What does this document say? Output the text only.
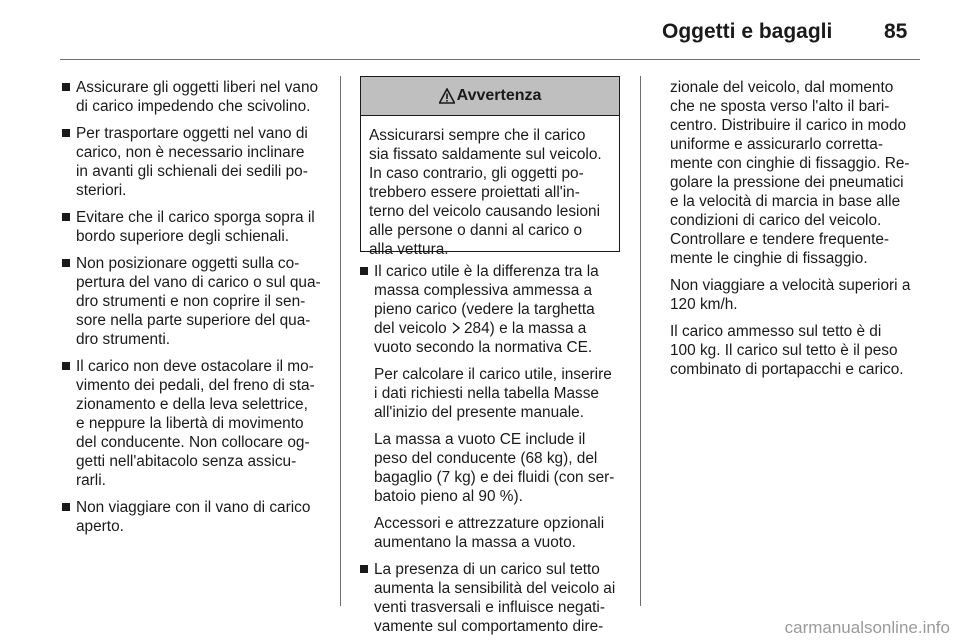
Oggetti e bagagli 85
Assicurare gli oggetti liberi nel vano
di carico impedendo che scivolino.
Per trasportare oggetti nel vano di
carico, non è necessario inclinare
in avanti gli schienali dei sedili po-
steriori.
Evitare che il carico sporga sopra il
bordo superiore degli schienali.
Non posizionare oggetti sulla co-
pertura del vano di carico o sul qua-
dro strumenti e non coprire il sen-
sore nella parte superiore del qua-
dro strumenti.
Il carico non deve ostacolare il mo-
vimento dei pedali, del freno di sta-
zionamento e della leva selettrice,
e neppure la libertà di movimento
del conducente. Non collocare og-
getti nell'abitacolo senza assicu-
rarli.
Non viaggiare con il vano di carico
aperto.
Avvertenza
Assicurarsi sempre che il carico
sia fissato saldamente sul veicolo.
In caso contrario, gli oggetti po-
trebbero essere proiettati all'in-
terno del veicolo causando lesioni
alle persone o danni al carico o
alla vettura.
Il carico utile è la differenza tra la
massa complessiva ammessa a
pieno carico (vedere la targhetta
del veicolo 284) e la massa a
vuoto secondo la normativa CE.
Per calcolare il carico utile, inserire
i dati richiesti nella tabella Masse
all'inizio del presente manuale.
La massa a vuoto CE include il
peso del conducente (68 kg), del
bagaglio (7 kg) e dei fluidi (con ser-
batoio pieno al 90 %).
Accessori e attrezzature opzionali
aumentano la massa a vuoto.
La presenza di un carico sul tetto
aumenta la sensibilità del veicolo ai
venti trasversali e influisce negati-
vamente sul comportamento dire-
zionale del veicolo, dal momento
che ne sposta verso l'alto il bari-
centro. Distribuire il carico in modo
uniforme e assicurarlo corretta-
mente con cinghie di fissaggio. Re-
golare la pressione dei pneumatici
e la velocità di marcia in base alle
condizioni di carico del veicolo.
Controllare e tendere frequente-
mente le cinghie di fissaggio.
Non viaggiare a velocità superiori a
120 km/h.
Il carico ammesso sul tetto è di
100 kg. Il carico sul tetto è il peso
combinato di portapacchi e carico.
carmanualsonline.info
